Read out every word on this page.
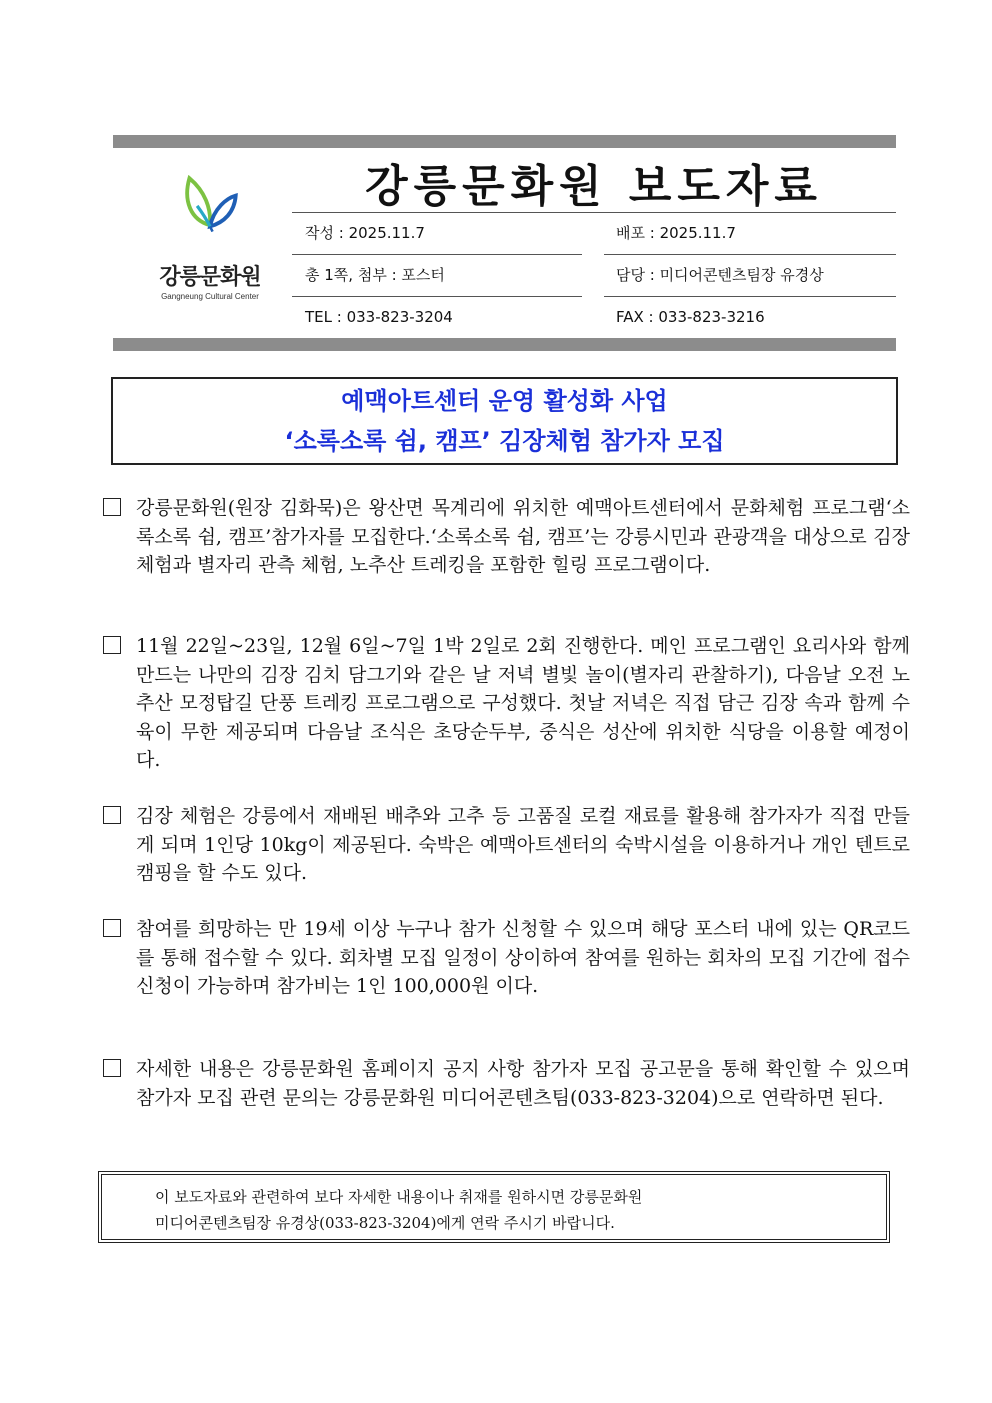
강릉문화원
Gangneung Cultural Center
강릉문화원 보도자료
작성 : 2025.11.7	배포 : 2025.11.7
총 1쪽, 첨부 : 포스터	담당 : 미디어콘텐츠팀장 유경상
TEL : 033-823-3204	FAX : 033-823-3216
예맥아트센터 운영 활성화 사업
‘소록소록 쉼, 캠프’ 김장체험 참가자 모집
강릉문화원(원장 김화묵)은 왕산면 목계리에 위치한 예맥아트센터에서 문화체험 프로그램‘소록소록 쉼, 캠프’참가자를 모집한다.‘소록소록 쉼, 캠프’는 강릉시민과 관광객을 대상으로 김장 체험과 별자리 관측 체험, 노추산 트레킹을 포함한 힐링 프로그램이다.
11월 22일~23일, 12월 6일~7일 1박 2일로 2회 진행한다. 메인 프로그램인 요리사와 함께 만드는 나만의 김장 김치 담그기와 같은 날 저녁 별빛 놀이(별자리 관찰하기), 다음날 오전 노추산 모정탑길 단풍 트레킹 프로그램으로 구성했다. 첫날 저녁은 직접 담근 김장 속과 함께 수육이 무한 제공되며 다음날 조식은 초당순두부, 중식은 성산에 위치한 식당을 이용할 예정이다.
김장 체험은 강릉에서 재배된 배추와 고추 등 고품질 로컬 재료를 활용해 참가자가 직접 만들게 되며 1인당 10kg이 제공된다. 숙박은 예맥아트센터의 숙박시설을 이용하거나 개인 텐트로 캠핑을 할 수도 있다.
참여를 희망하는 만 19세 이상 누구나 참가 신청할 수 있으며 해당 포스터 내에 있는 QR코드를 통해 접수할 수 있다. 회차별 모집 일정이 상이하여 참여를 원하는 회차의 모집 기간에 접수신청이 가능하며 참가비는 1인 100,000원 이다.
자세한 내용은 강릉문화원 홈페이지 공지 사항 참가자 모집 공고문을 통해 확인할 수 있으며 참가자 모집 관련 문의는 강릉문화원 미디어콘텐츠팀(033-823-3204)으로 연락하면 된다.
이 보도자료와 관련하여 보다 자세한 내용이나 취재를 원하시면 강릉문화원
미디어콘텐츠팀장 유경상(033-823-3204)에게 연락 주시기 바랍니다.
